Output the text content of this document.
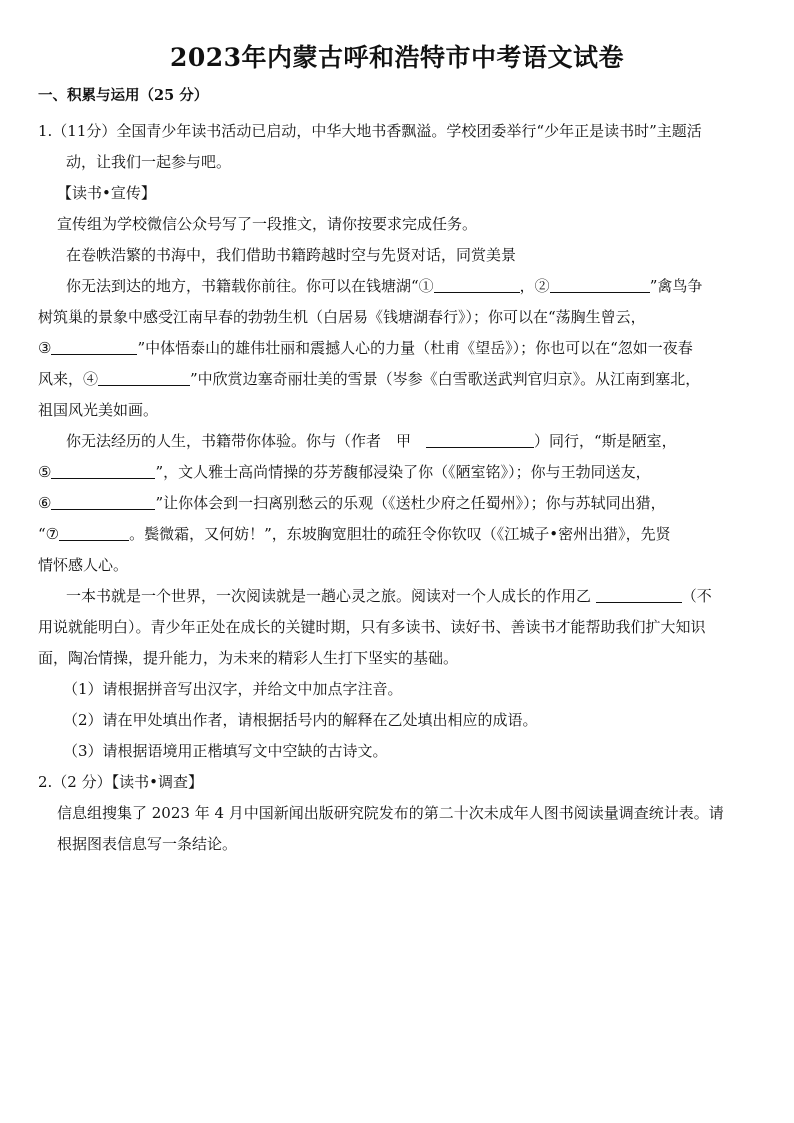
2023年内蒙古呼和浩特市中考语文试卷

一、积累与运用（25 分）

1.（11分）全国青少年读书活动已启动，中华大地书香飘溢。学校团委举行“少年正是读书时”主题活
动，让我们一起参与吧。
【读书•宣传】
宣传组为学校微信公众号写了一段推文，请你按要求完成任务。
在卷帙浩繁的书海中，我们借助书籍跨越时空与先贤对话，同赏美景
你无法到达的地方，书籍载你前往。你可以在钱塘湖“①	，②	”禽鸟争
树筑巢的景象中感受江南早春的勃勃生机（白居易《钱塘湖春行》）；你可以在“荡胸生曾云，
③	”中体悟泰山的雄伟壮丽和震撼人心的力量（杜甫《望岳》）；你也可以在“忽如一夜春
风来，④	”中欣赏边塞奇丽壮美的雪景（岑参《白雪歌送武判官归京》。从江南到塞北，
祖国风光美如画。
你无法经历的人生，书籍带你体验。你与（作者　甲　	）同行，“斯是陋室，
⑤	”，文人雅士高尚情操的芬芳馥郁浸染了你（《陋室铭》）；你与王勃同送友，
⑥	”让你体会到一扫离别愁云的乐观（《送杜少府之任蜀州》）；你与苏轼同出猎，
“⑦	。鬓微霜，又何妨！”，东坡胸宽胆壮的疏狂令你钦叹（《江城子•密州出猎》，先贤
情怀感人心。
一本书就是一个世界，一次阅读就是一趟心灵之旅。阅读对一个人成长的作用乙	（不
用说就能明白）。青少年正处在成长的关键时期，只有多读书、读好书、善读书才能帮助我们扩大知识
面，陶冶情操，提升能力，为未来的精彩人生打下坚实的基础。
（1）请根据拼音写出汉字，并给文中加点字注音。
（2）请在甲处填出作者，请根据括号内的解释在乙处填出相应的成语。
（3）请根据语境用正楷填写文中空缺的古诗文。
2.（2 分）【读书•调查】
信息组搜集了 2023 年 4 月中国新闻出版研究院发布的第二十次未成年人图书阅读量调查统计表。请
根据图表信息写一条结论。
